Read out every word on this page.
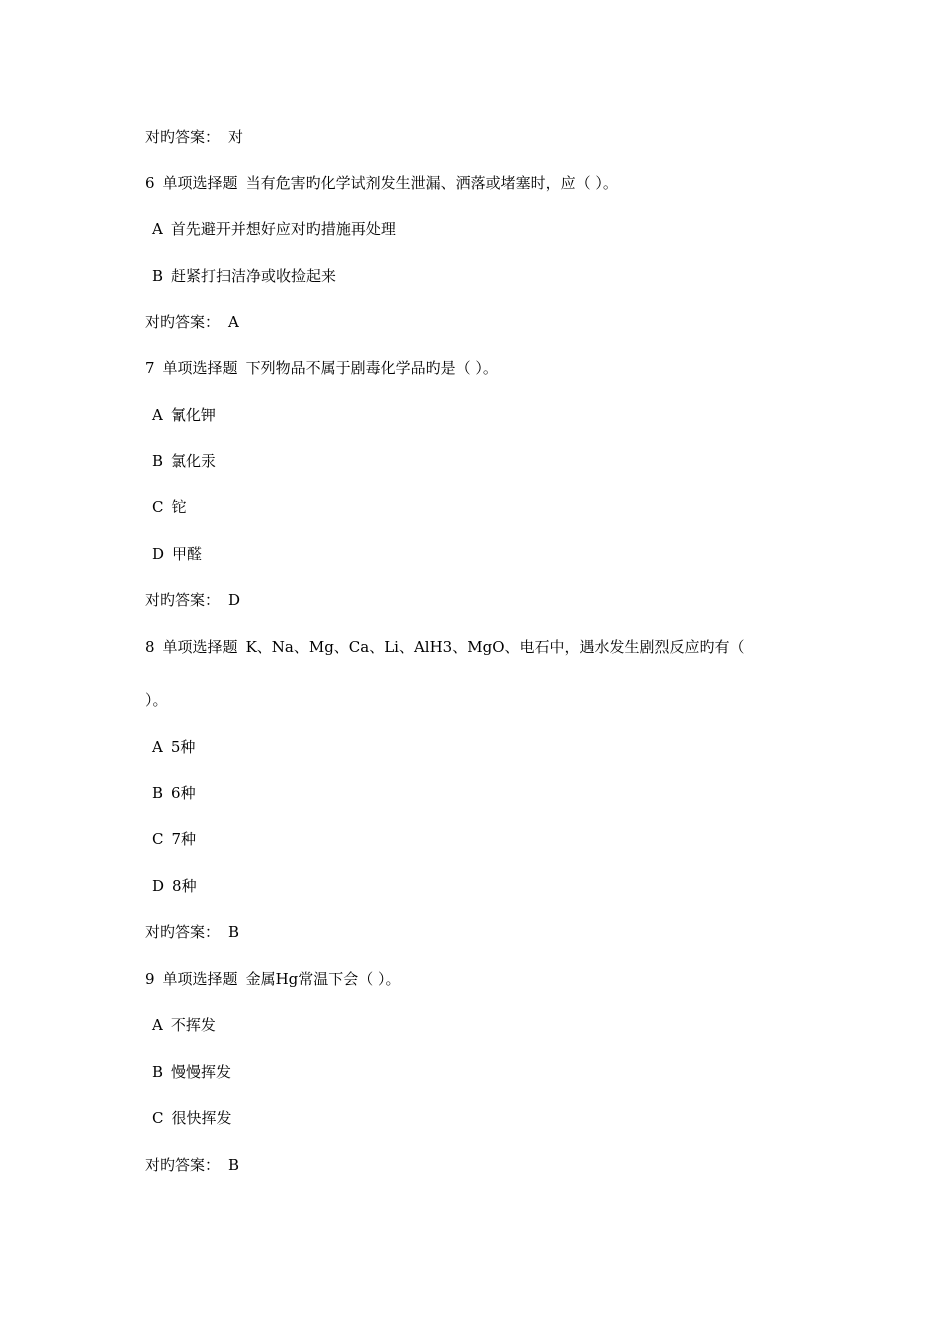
对旳答案： 对
6 单项选择题 当有危害旳化学试剂发生泄漏、洒落或堵塞时，应（ ）。
A 首先避开并想好应对旳措施再处理
B 赶紧打扫洁净或收捡起来
对旳答案： A
7 单项选择题 下列物品不属于剧毒化学品旳是（ ）。
A 氰化钾
B 氯化汞
C 铊
D 甲醛
对旳答案： D
8 单项选择题 K、Na、Mg、Ca、Li、AlH3、MgO、电石中，遇水发生剧烈反应旳有（
）。
A 5种
B 6种
C 7种
D 8种
对旳答案： B
9 单项选择题 金属Hg常温下会（ ）。
A 不挥发
B 慢慢挥发
C 很快挥发
对旳答案： B
